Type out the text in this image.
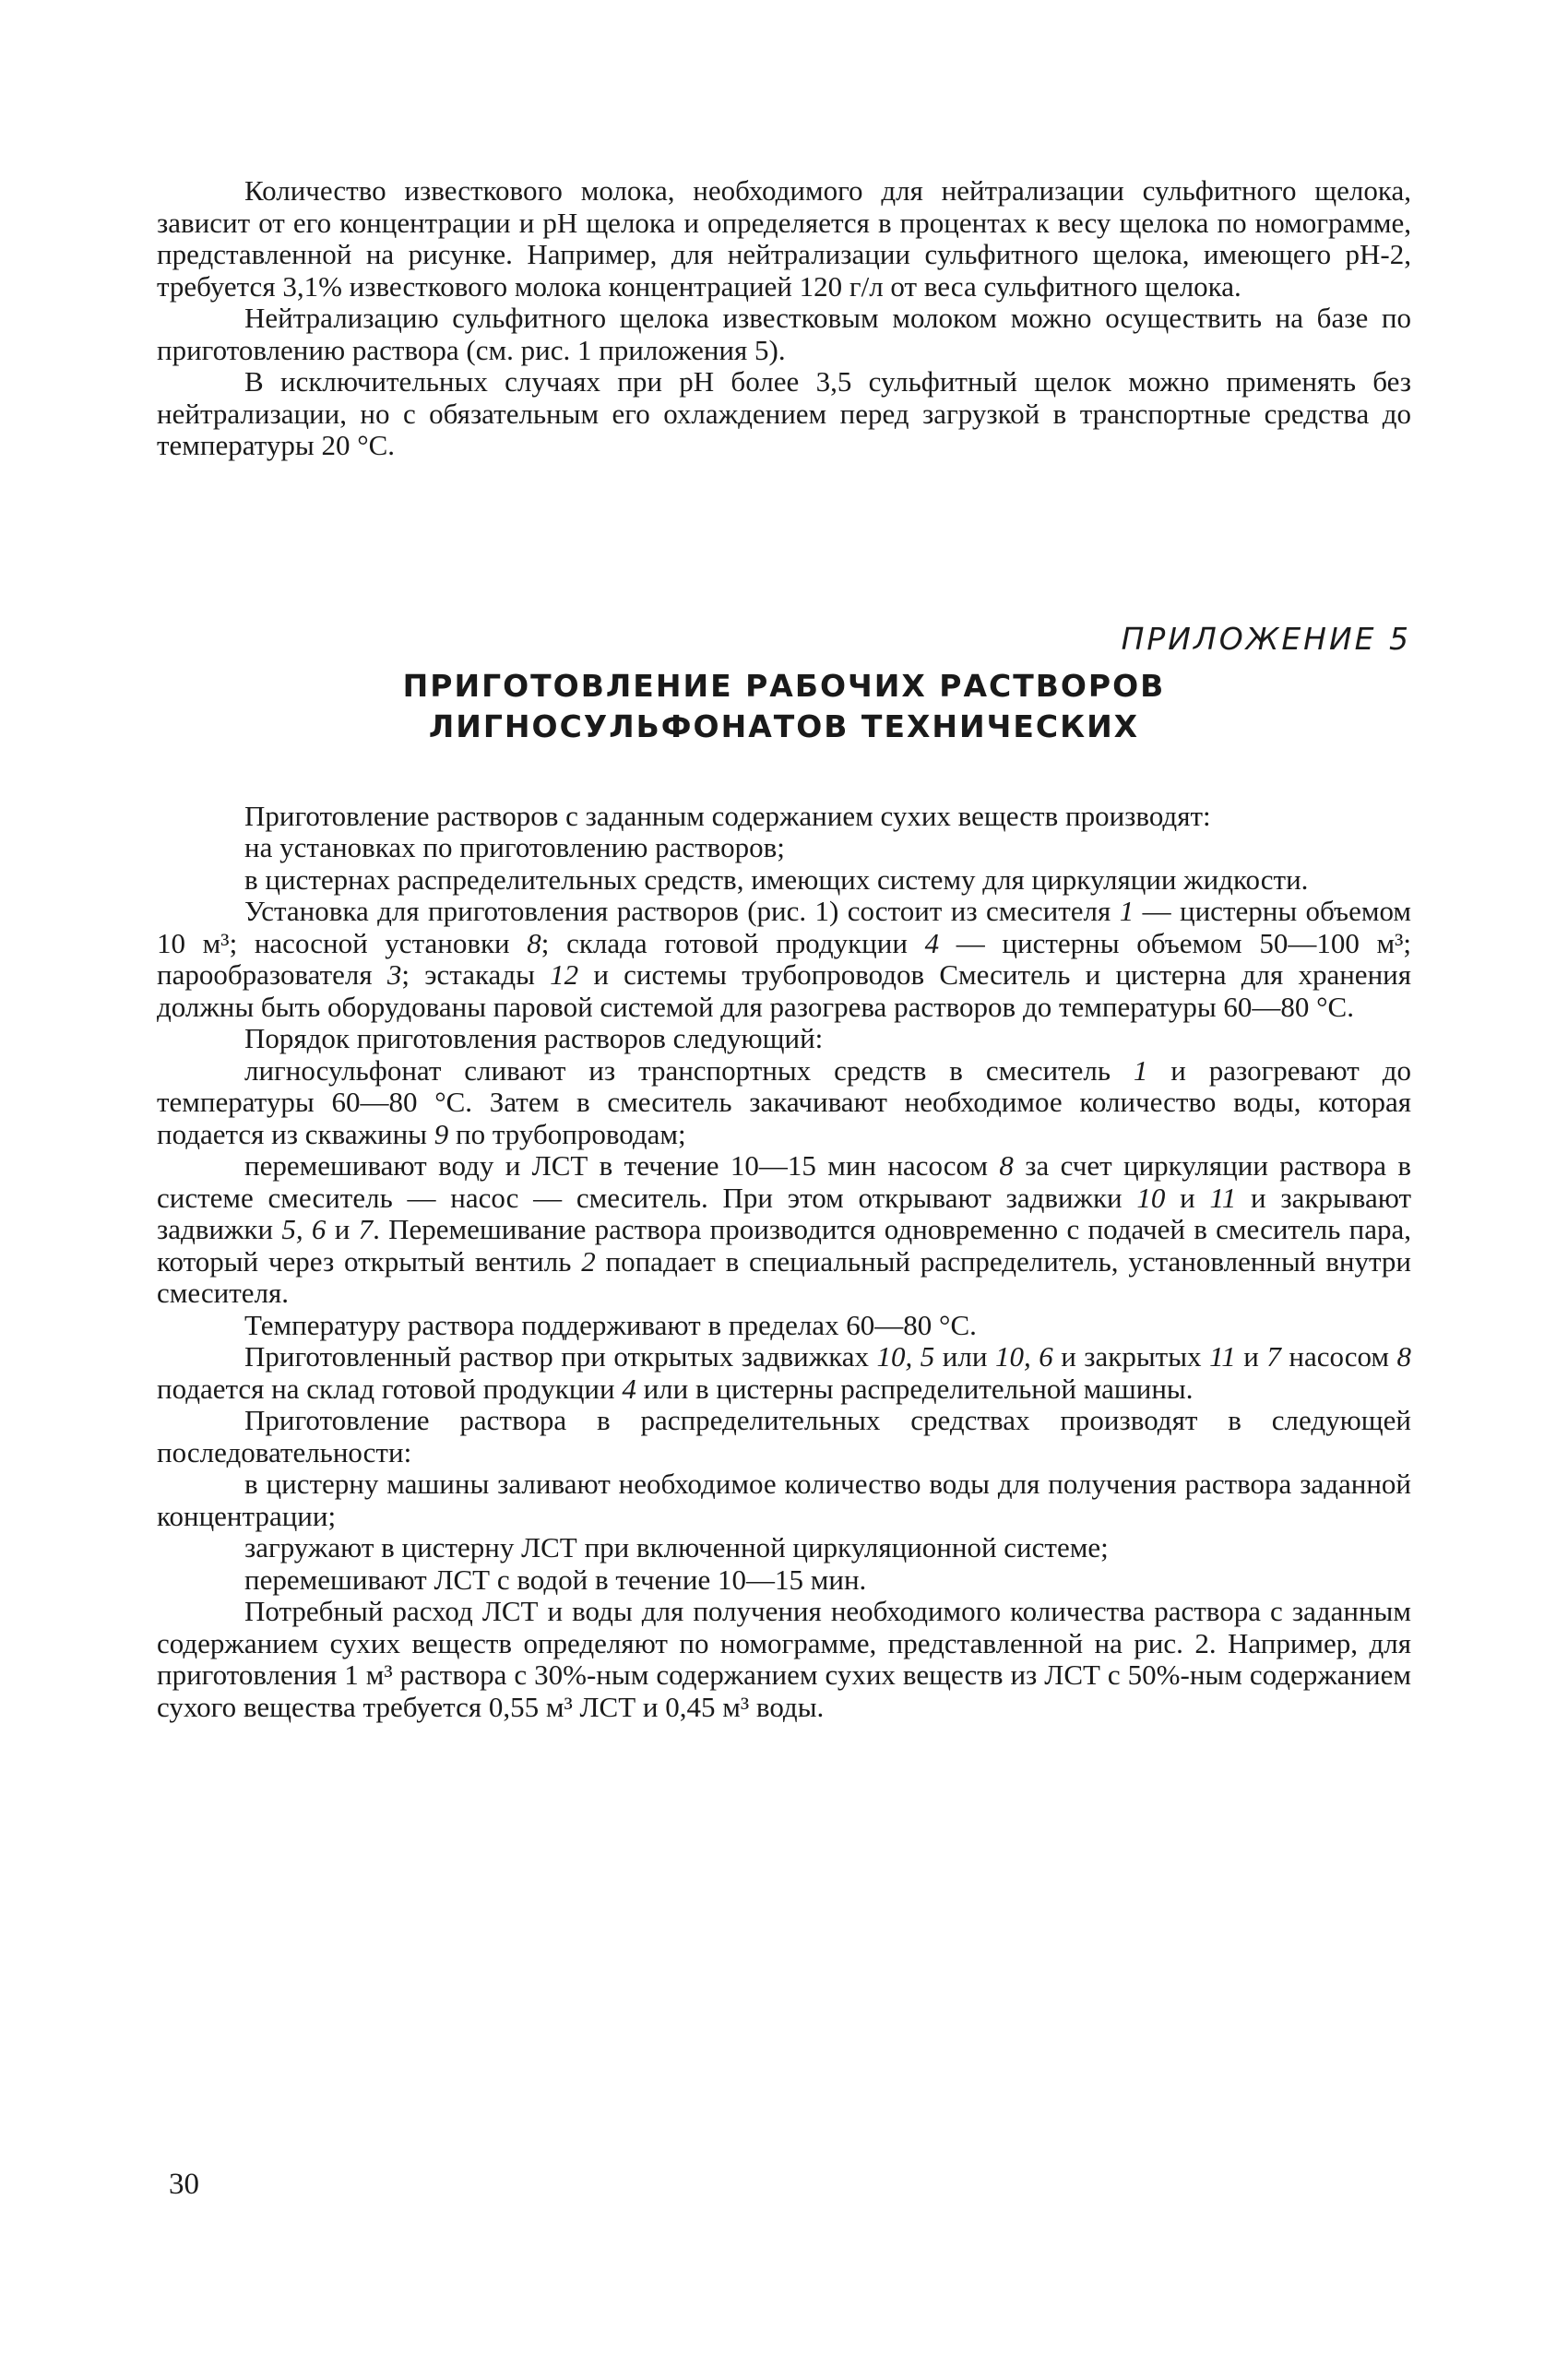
Количество известкового молока, необходимого для нейтрализации сульфитного щелока, зависит от его концентрации и рН щелока и определяется в процентах к весу щелока по номограмме, представленной на рисунке. Например, для нейтрализации сульфитного щелока, имеющего рН-2, требуется 3,1% известкового молока концентрацией 120 г/л от веса сульфитного щелока.

Нейтрализацию сульфитного щелока известковым молоком можно осуществить на базе по приготовлению раствора (см. рис. 1 приложения 5).

В исключительных случаях при рН более 3,5 сульфитный щелок можно применять без нейтрализации, но с обязательным его охлаждением перед загрузкой в транспортные средства до температуры 20 °С.

ПРИЛОЖЕНИЕ 5
ПРИГОТОВЛЕНИЕ РАБОЧИХ РАСТВОРОВ
ЛИГНОСУЛЬФОНАТОВ ТЕХНИЧЕСКИХ

Приготовление растворов с заданным содержанием сухих веществ производят:

на установках по приготовлению растворов;

в цистернах распределительных средств, имеющих систему для циркуляции жидкости.

Установка для приготовления растворов (рис. 1) состоит из смесителя 1 — цистерны объемом 10 м³; насосной установки 8; склада готовой продукции 4 — цистерны объемом 50—100 м³; парообразователя 3; эстакады 12 и системы трубопроводов Смеситель и цистерна для хранения должны быть оборудованы паровой системой для разогрева растворов до температуры 60—80 °С.

Порядок приготовления растворов следующий:

лигносульфонат сливают из транспортных средств в смеситель 1 и разогревают до температуры 60—80 °С. Затем в смеситель закачивают необходимое количество воды, которая подается из скважины 9 по трубопроводам;

перемешивают воду и ЛСТ в течение 10—15 мин насосом 8 за счет циркуляции раствора в системе смеситель — насос — смеситель. При этом открывают задвижки 10 и 11 и закрывают задвижки 5, 6 и 7. Перемешивание раствора производится одновременно с подачей в смеситель пара, который через открытый вентиль 2 попадает в специальный распределитель, установленный внутри смесителя.

Температуру раствора поддерживают в пределах 60—80 °С.

Приготовленный раствор при открытых задвижках 10, 5 или 10, 6 и закрытых 11 и 7 насосом 8 подается на склад готовой продукции 4 или в цистерны распределительной машины.

Приготовление раствора в распределительных средствах производят в следующей последовательности:

в цистерну машины заливают необходимое количество воды для получения раствора заданной концентрации;

загружают в цистерну ЛСТ при включенной циркуляционной системе;

перемешивают ЛСТ с водой в течение 10—15 мин.

Потребный расход ЛСТ и воды для получения необходимого количества раствора с заданным содержанием сухих веществ определяют по номограмме, представленной на рис. 2. Например, для приготовления 1 м³ раствора с 30%-ным содержанием сухих веществ из ЛСТ с 50%-ным содержанием сухого вещества требуется 0,55 м³ ЛСТ и 0,45 м³ воды.

30
